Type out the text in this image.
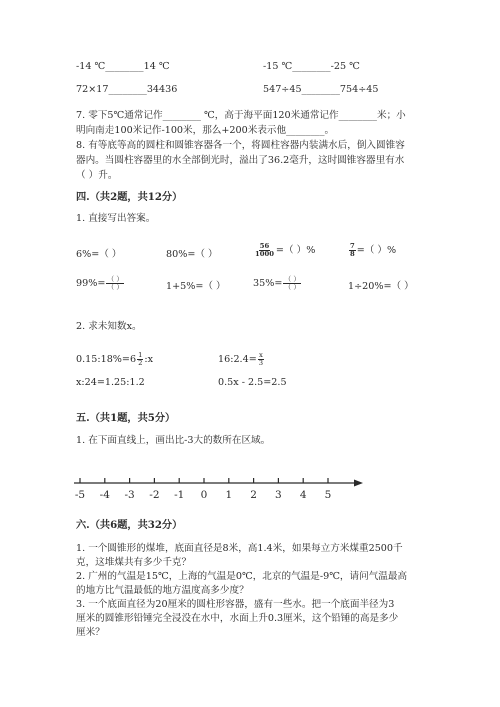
-14 ℃________14 ℃	-15 ℃________-25 ℃
72×17________34436	547÷45________754÷45
7. 零下5℃通常记作________ ℃，高于海平面120米通常记作________米；小
明向南走100米记作-100米，那么+200米表示他________。
8. 有等底等高的圆柱和圆锥容器各一个，将圆柱容器内装满水后，倒入圆锥容
器内。当圆柱容器里的水全部倒光时，溢出了36.2毫升，这时圆锥容器里有水
（ ）升。
四.（共2题，共12分）
1. 直接写出答案。
6%=（ ）	80%=（ ）	$\frac{56}{1000}$ =（ ）%	$\frac{7}{8}$ =（ ）%
$99\%= \frac{( )}{( )}$	1+5%=（ ）	$35\%= \frac{( )}{( )}$	1÷20%=（ ）
2. 求未知数x。
0.15:18%=6 $\frac{1}{2}$ :x	16:2.4= $\frac{x}{3}$
x:24=1.25:1.2	0.5x - 2.5=2.5
五.（共1题，共5分）
1. 在下面直线上，画出比-3大的数所在区域。
-5 -4 -3 -2 -1 0 1 2 3 4 5
六.（共6题，共32分）
1. 一个圆锥形的煤堆，底面直径是8米，高1.4米，如果每立方米煤重2500千
克，这堆煤共有多少千克？
2. 广州的气温是15℃，上海的气温是0℃，北京的气温是-9℃，请问气温最高
的地方比气温最低的地方温度高多少度？
3. 一个底面直径为20厘米的圆柱形容器，盛有一些水。把一个底面半径为3
厘米的圆锥形铅锤完全浸没在水中，水面上升0.3厘米，这个铅锤的高是多少
厘米？
